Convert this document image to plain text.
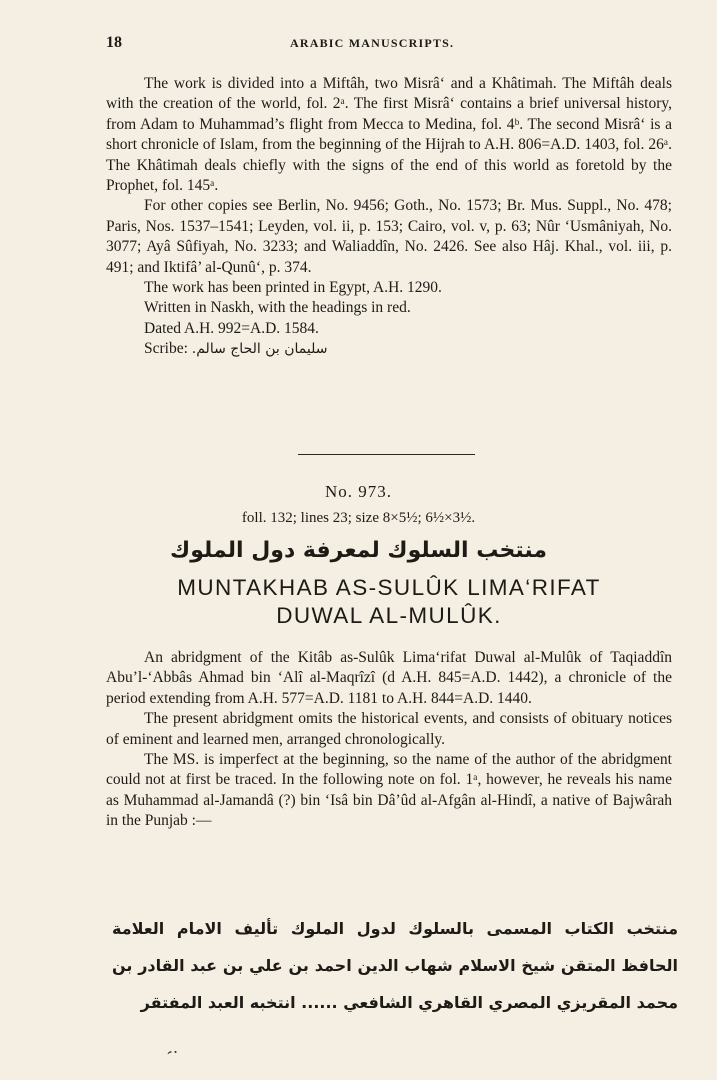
18	ARABIC MANUSCRIPTS.

The work is divided into a Miftâh, two Misrâ‘ and a Khâtimah. The Miftâh deals with the creation of the world, fol. 2ᵃ. The first Misrâ‘ contains a brief universal history, from Adam to Muhammad’s flight from Mecca to Medina, fol. 4ᵇ. The second Misrâ‘ is a short chronicle of Islam, from the beginning of the Hijrah to A.H. 806=A.D. 1403, fol. 26ᵃ. The Khâtimah deals chiefly with the signs of the end of this world as foretold by the Prophet, fol. 145ᵃ.

For other copies see Berlin, No. 9456; Goth., No. 1573; Br. Mus. Suppl., No. 478; Paris, Nos. 1537–1541; Leyden, vol. ii, p. 153; Cairo, vol. v, p. 63; Nûr ‘Usmâniyah, No. 3077; Ayâ Sûfiyah, No. 3233; and Waliaddîn, No. 2426. See also Hâj. Khal., vol. iii, p. 491; and Iktifâ’ al-Qunû‘, p. 374.

The work has been printed in Egypt, A.H. 1290.

Written in Naskh, with the headings in red.

Dated A.H. 992=A.D. 1584.

Scribe: سليمان بن الحاج سالم.

No. 973.
foll. 132; lines 23; size 8×5½; 6½×3½.
منتخب السلوك لمعرفة دول الملوك
MUNTAKHAB AS-SULÛK LIMA‘RIFAT
DUWAL AL-MULÛK.

An abridgment of the Kitâb as-Sulûk Lima‘rifat Duwal al-Mulûk of Taqiaddîn Abu’l-‘Abbâs Ahmad bin ‘Alî al-Maqrîzî (d A.H. 845=A.D. 1442), a chronicle of the period extending from A.H. 577=A.D. 1181 to A.H. 844=A.D. 1440.

The present abridgment omits the historical events, and consists of obituary notices of eminent and learned men, arranged chronologically.

The MS. is imperfect at the beginning, so the name of the author of the abridgment could not at first be traced. In the following note on fol. 1ᵃ, however, he reveals his name as Muhammad al-Jamandâ (?) bin ‘Isâ bin Dâ’ûd al-Afgân al-Hindî, a native of Bajwârah in the Punjab :—

منتخب الكتاب المسمى بالسلوك لدول الملوك تأليف الامام العلامة الحافظ المتقن شيخ الاسلام شهاب الدين احمد بن علي بن عبد القادر بن محمد المقريزي المصري القاهري الشافعي ...... انتخبه العبد المفتقر
⁏
